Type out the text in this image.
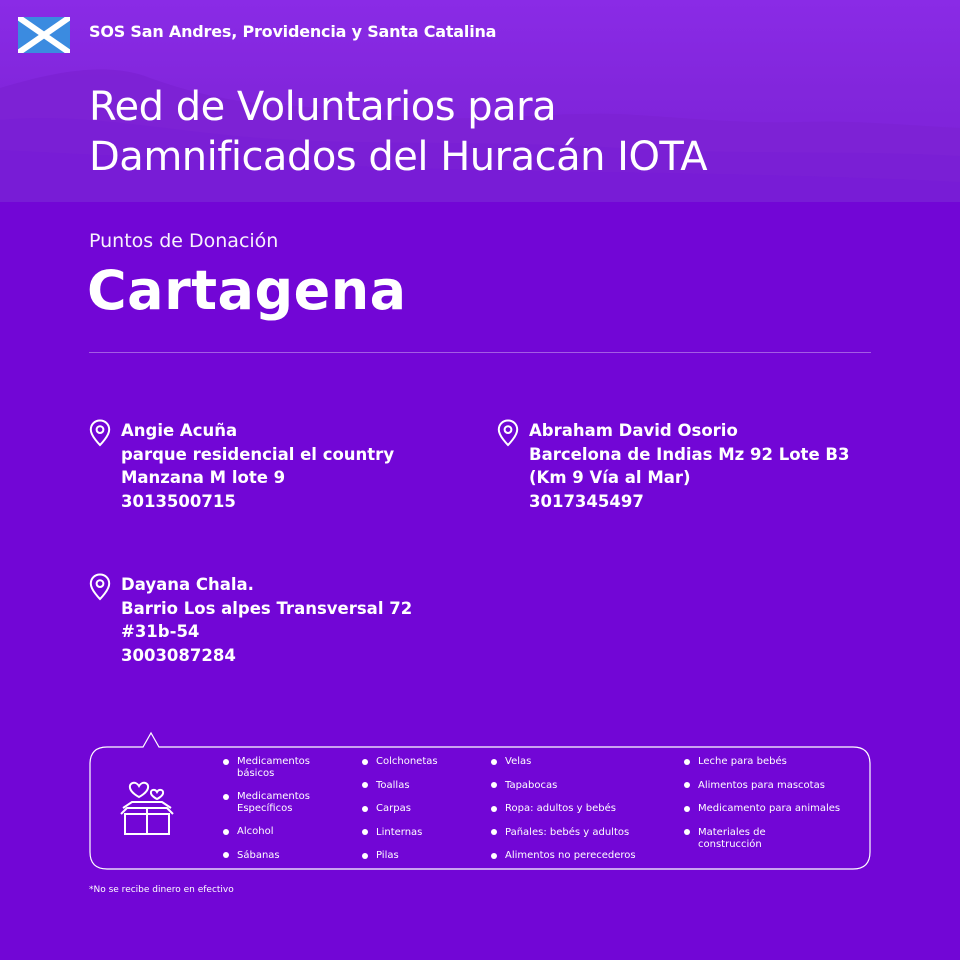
SOS San Andres, Providencia y Santa Catalina
Red de Voluntarios para
Damnificados del Huracán IOTA
Puntos de Donación
Cartagena
Angie Acuña
parque residencial el country
Manzana M lote 9
3013500715
Abraham David Osorio
Barcelona de Indias Mz 92 Lote B3
(Km 9 Vía al Mar)
3017345497
Dayana Chala.
Barrio Los alpes Transversal 72
#31b-54
3003087284
Medicamentos básicos
Medicamentos Específicos
Alcohol
Sábanas
Colchonetas
Toallas
Carpas
Linternas
Pilas
Velas
Tapabocas
Ropa: adultos y bebés
Pañales: bebés y adultos
Alimentos no perecederos
Leche para bebés
Alimentos para mascotas
Medicamento para animales
Materiales de construcción
*No se recibe dinero en efectivo
